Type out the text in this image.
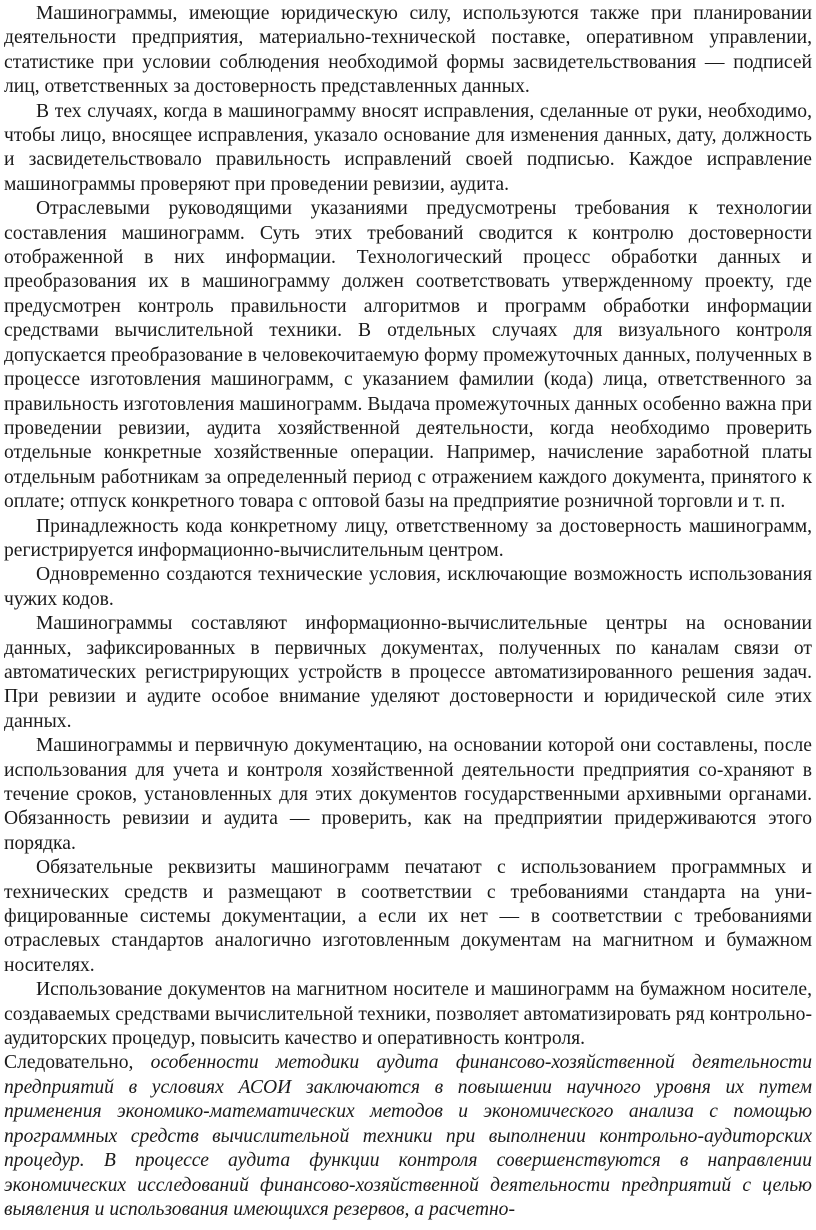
Машинограммы, имеющие юридическую силу, используются также при планировании деятельности предприятия, материально-технической поставке, оперативном управлении, статистике при условии соблюдения необходимой формы засвидетельствования — подписей лиц, ответственных за достоверность представленных данных.

В тех случаях, когда в машинограмму вносят исправления, сделанные от руки, необходимо, чтобы лицо, вносящее исправления, указало основание для изменения данных, дату, должность и засвидетельствовало правильность исправлений своей подписью. Каждое исправление машинограммы проверяют при проведении ревизии, аудита.

Отраслевыми руководящими указаниями предусмотрены требования к технологии составления машинограмм. Суть этих требований сводится к контролю достоверности отображенной в них информации. Технологический процесс обработки данных и преобразования их в машинограмму должен соответствовать утвержденному проекту, где предусмотрен контроль правильности алгоритмов и программ обработки информации средствами вычислительной техники. В отдельных случаях для визуального контроля допускается преобразование в человекочитаемую форму промежуточных данных, полученных в процессе изготовления машинограмм, с указанием фамилии (кода) лица, ответственного за правильность изготовления машинограмм. Выдача промежуточных данных особенно важна при проведении ревизии, аудита хозяйственной деятельности, когда необходимо проверить отдельные конкретные хозяйственные операции. Например, начисление заработной платы отдельным работникам за определенный период с отражением каждого документа, принятого к оплате; отпуск конкретного товара с оптовой базы на предприятие розничной торговли и т. п.

Принадлежность кода конкретному лицу, ответственному за достоверность машинограмм, регистрируется информационно-вычислительным центром.

Одновременно создаются технические условия, исключающие возможность использования чужих кодов.

Машинограммы составляют информационно-вычислительные центры на основании данных, зафиксированных в первичных документах, полученных по каналам связи от автоматических регистрирующих устройств в процессе автоматизированного решения задач. При ревизии и аудите особое внимание уделяют достоверности и юридической силе этих данных.

Машинограммы и первичную документацию, на основании которой они составлены, после использования для учета и контроля хозяйственной деятельности предприятия со-храняют в течение сроков, установленных для этих документов государственными архивными органами. Обязанность ревизии и аудита — проверить, как на предприятии придерживаются этого порядка.

Обязательные реквизиты машинограмм печатают с использованием программных и технических средств и размещают в соответствии с требованиями стандарта на уни-фицированные системы документации, а если их нет — в соответствии с требованиями отраслевых стандартов аналогично изготовленным документам на магнитном и бумажном носителях.

Использование документов на магнитном носителе и машинограмм на бумажном носителе, создаваемых средствами вычислительной техники, позволяет автоматизировать ряд контрольно-аудиторских процедур, повысить качество и оперативность контроля.

Следовательно, особенности методики аудита финансово-хозяйственной деятельности предприятий в условиях АСОИ заключаются в повышении научного уровня их путем применения экономико-математических методов и экономического анализа с помощью программных средств вычислительной техники при выполнении контрольно-аудиторских процедур. В процессе аудита функции контроля совершенствуются в направлении экономических исследований финансово-хозяйственной деятельности предприятий с целью выявления и использования имеющихся резервов, а расчетно-
